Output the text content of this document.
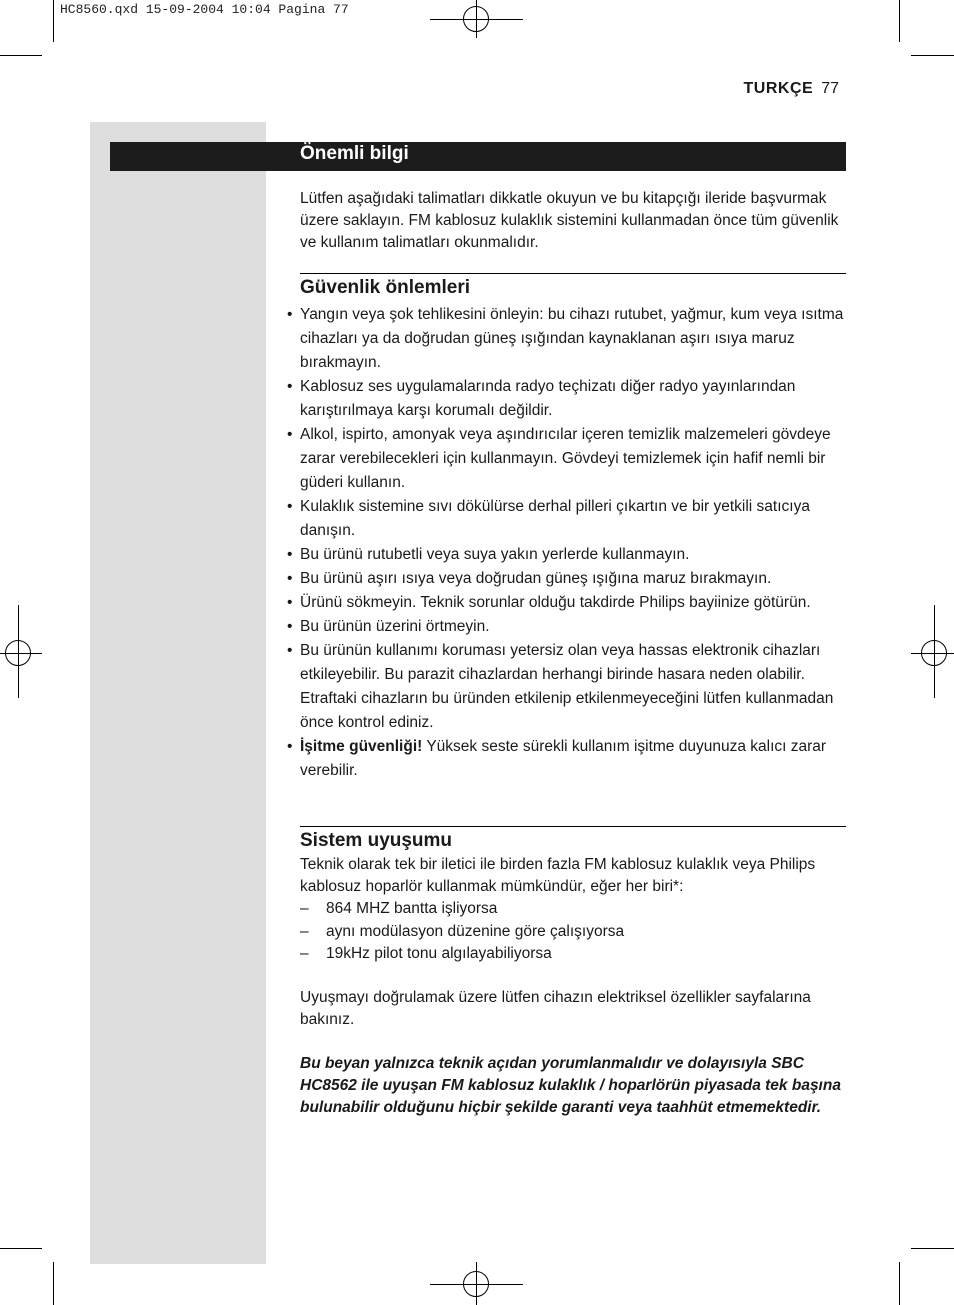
HC8560.qxd 15-09-2004 10:04 Pagina 77
TURKÇE 77
Önemli bilgi
Lütfen aşağıdaki talimatları dikkatle okuyun ve bu kitapçığı ileride başvurmak üzere saklayın. FM kablosuz kulaklık sistemini kullanmadan önce tüm güvenlik ve kullanım talimatları okunmalıdır.
Güvenlik önlemleri
• Yangın veya şok tehlikesini önleyin: bu cihazı rutubet, yağmur, kum veya ısıtma cihazları ya da doğrudan güneş ışığından kaynaklanan aşırı ısıya maruz bırakmayın.
• Kablosuz ses uygulamalarında radyo teçhizatı diğer radyo yayınlarından karıştırılmaya karşı korumalı değildir.
• Alkol, ispirto, amonyak veya aşındırıcılar içeren temizlik malzemeleri gövdeye zarar verebilecekleri için kullanmayın. Gövdeyi temizlemek için hafif nemli bir güderi kullanın.
• Kulaklık sistemine sıvı dökülürse derhal pilleri çıkartın ve bir yetkili satıcıya danışın.
• Bu ürünü rutubetli veya suya yakın yerlerde kullanmayın.
• Bu ürünü aşırı ısıya veya doğrudan güneş ışığına maruz bırakmayın.
• Ürünü sökmeyin. Teknik sorunlar olduğu takdirde Philips bayiinize götürün.
• Bu ürünün üzerini örtmeyin.
• Bu ürünün kullanımı koruması yetersiz olan veya hassas elektronik cihazları etkileyebilir. Bu parazit cihazlardan herhangi birinde hasara neden olabilir. Etraftaki cihazların bu üründen etkilenip etkilenmeyeceğini lütfen kullanmadan önce kontrol ediniz.
• İşitme güvenliği! Yüksek seste sürekli kullanım işitme duyunuza kalıcı zarar verebilir.
Sistem uyuşumu
Teknik olarak tek bir iletici ile birden fazla FM kablosuz kulaklık veya Philips kablosuz hoparlör kullanmak mümkündür, eğer her biri*:
– 864 MHZ bantta işliyorsa
– aynı modülasyon düzenine göre çalışıyorsa
– 19kHz pilot tonu algılayabiliyorsa
Uyuşmayı doğrulamak üzere lütfen cihazın elektriksel özellikler sayfalarına bakınız.
Bu beyan yalnızca teknik açıdan yorumlanmalıdır ve dolayısıyla SBC HC8562 ile uyuşan FM kablosuz kulaklık / hoparlörün piyasada tek başına bulunabilir olduğunu hiçbir şekilde garanti veya taahhüt etmemektedir.
